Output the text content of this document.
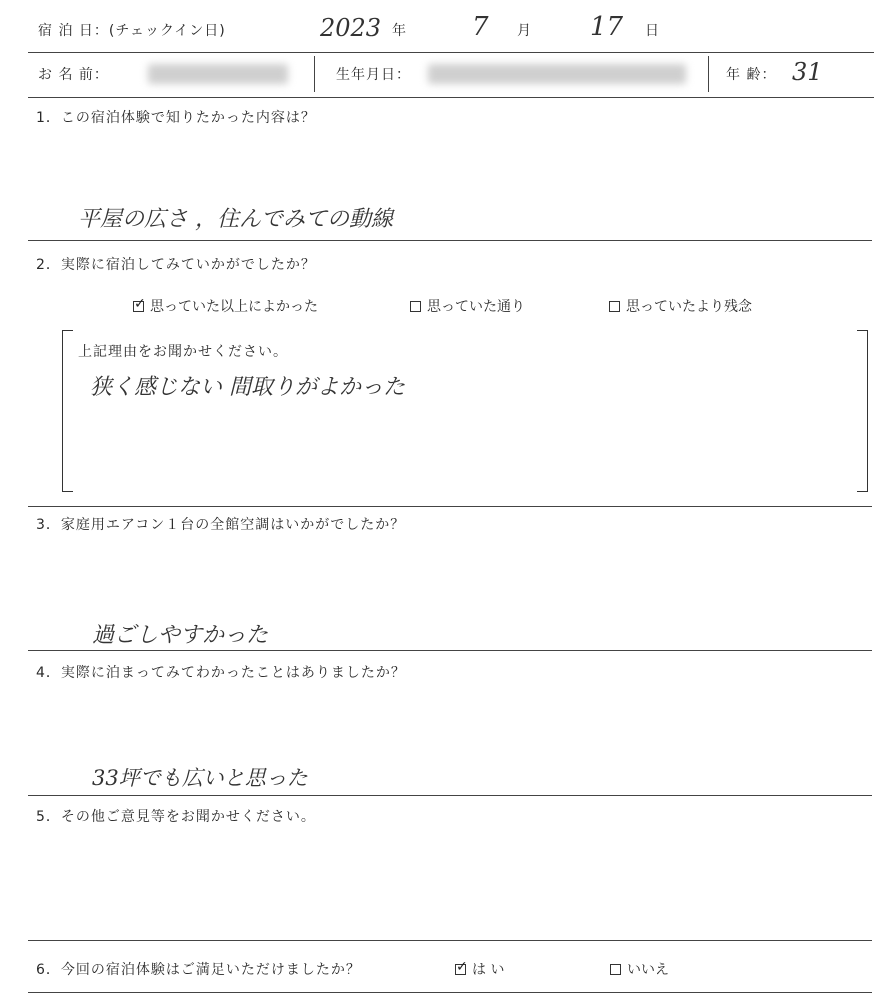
宿 泊 日：(チェックイン日)	2023 年	7 月 17 日
お 名 前：	生年月日：	年 齢： 31
1．この宿泊体験で知りたかった内容は？
平屋の広さ ，住んでみての動線
2．実際に宿泊してみていかがでしたか？
✓思っていた以上によかった	思っていた通り	思っていたより残念
上記理由をお聞かせください。
狭く感じない 間取りがよかった
3．家庭用エアコン１台の全館空調はいかがでしたか？
過ごしやすかった
4．実際に泊まってみてわかったことはありましたか？
33坪でも広いと思った
5．その他ご意見等をお聞かせください。
6．今回の宿泊体験はご満足いただけましたか？
✓	は い	いいえ
